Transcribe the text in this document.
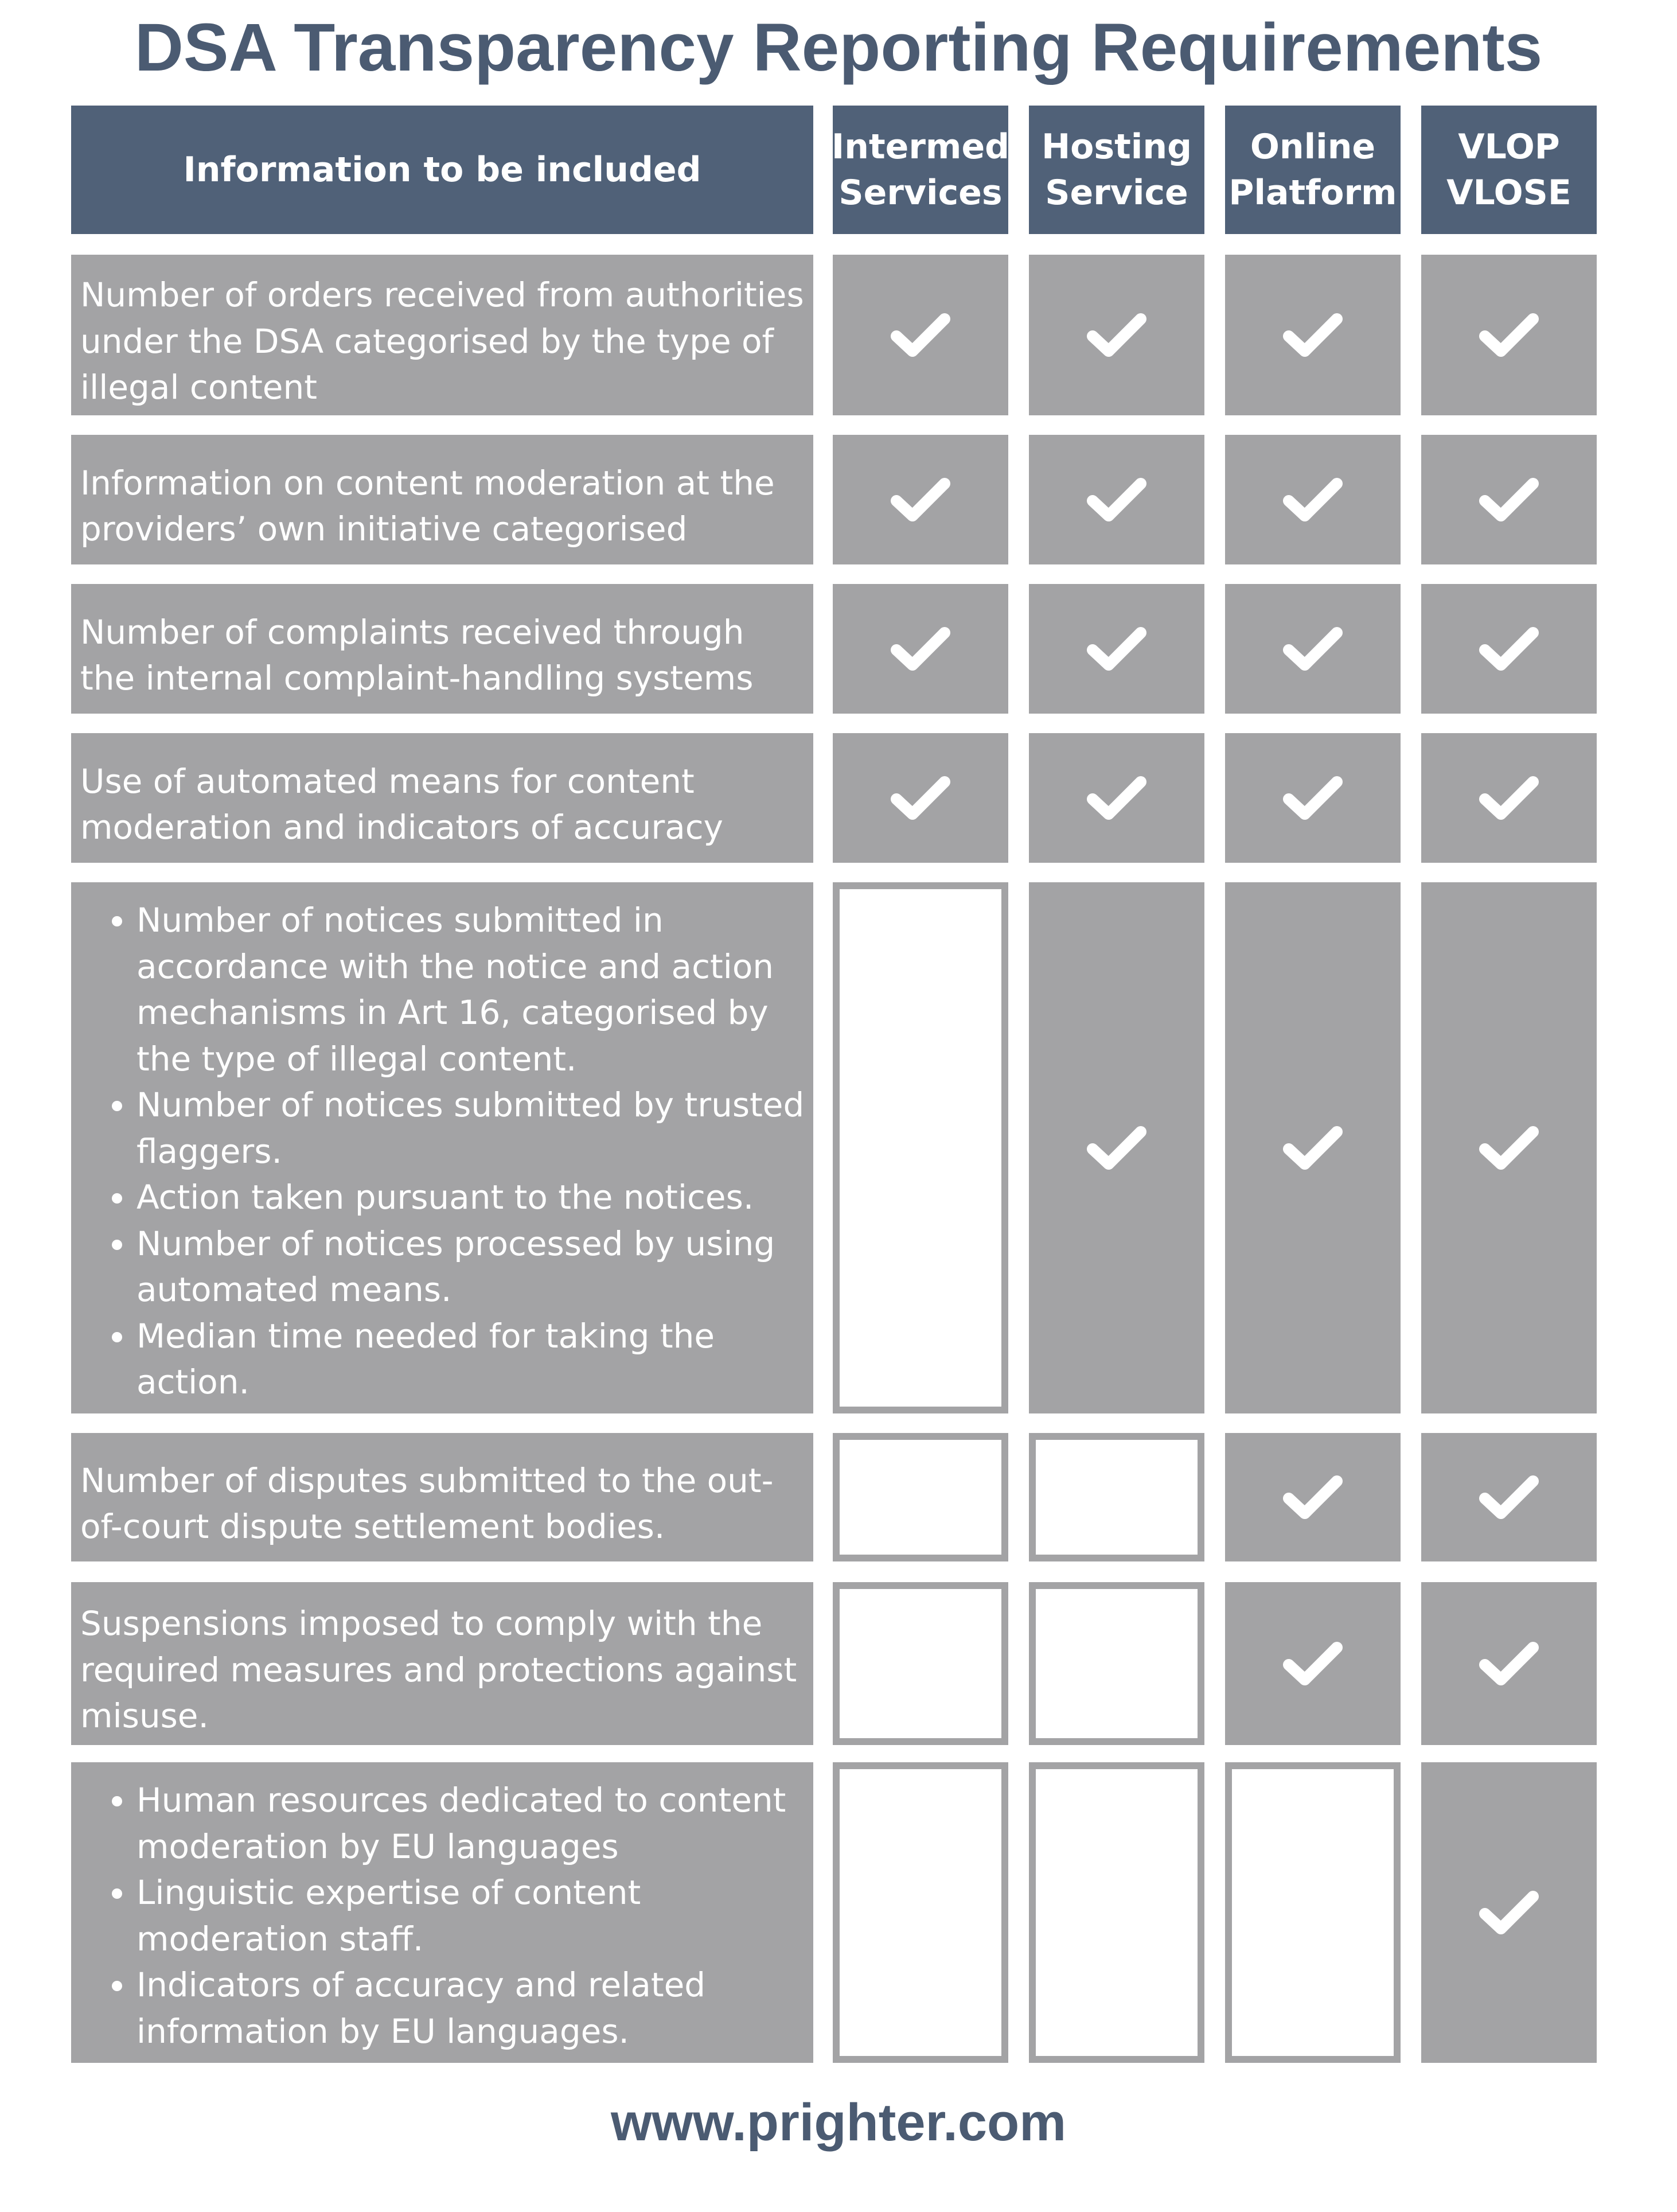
DSA Transparency Reporting Requirements
Information to be included
Intermed
Services
Hosting
Service
Online
Platform
VLOP
VLOSE
Number of orders received from authorities under the DSA categorised by the type of illegal content
Information on content moderation at the providers’ own initiative categorised
Number of complaints received through the internal complaint-handling systems
Use of automated means for content moderation and indicators of accuracy
• Number of notices submitted in accordance with the notice and action mechanisms in Art 16, categorised by the type of illegal content.
• Number of notices submitted by trusted flaggers.
• Action taken pursuant to the notices.
• Number of notices processed by using automated means.
• Median time needed for taking the action.
Number of disputes submitted to the out-of-court dispute settlement bodies.
Suspensions imposed to comply with the required measures and protections against misuse.
• Human resources dedicated to content moderation by EU languages
• Linguistic expertise of content moderation staff.
• Indicators of accuracy and related information by EU languages.
www.prighter.com
